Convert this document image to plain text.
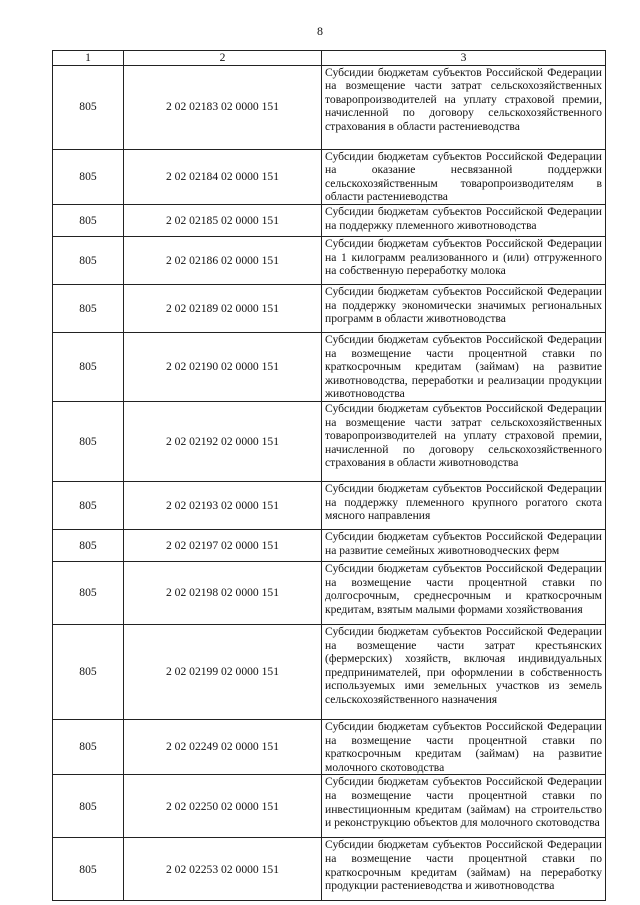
8
1	2	3
805	2 02 02183 02 0000 151	Субсидии бюджетам субъектов Российской Федерации на возмещение части затрат сельскохозяйственных товаропроизводителей на уплату страховой премии, начисленной по договору сельскохозяйственного страхования в области растениеводства
805	2 02 02184 02 0000 151	Субсидии бюджетам субъектов Российской Федерации на оказание несвязанной поддержки сельскохозяйственным товаропроизводителям в области растениеводства
805	2 02 02185 02 0000 151	Субсидии бюджетам субъектов Российской Федерации на поддержку племенного животноводства
805	2 02 02186 02 0000 151	Субсидии бюджетам субъектов Российской Федерации на 1 килограмм реализованного и (или) отгруженного на собственную переработку молока
805	2 02 02189 02 0000 151	Субсидии бюджетам субъектов Российской Федерации на поддержку экономически значимых региональных программ в области животноводства
805	2 02 02190 02 0000 151	Субсидии бюджетам субъектов Российской Федерации на возмещение части процентной ставки по краткосрочным кредитам (займам) на развитие животноводства, переработки и реализации продукции животноводства
805	2 02 02192 02 0000 151	Субсидии бюджетам субъектов Российской Федерации на возмещение части затрат сельскохозяйственных товаропроизводителей на уплату страховой премии, начисленной по договору сельскохозяйственного страхования в области животноводства
805	2 02 02193 02 0000 151	Субсидии бюджетам субъектов Российской Федерации на поддержку племенного крупного рогатого скота мясного направления
805	2 02 02197 02 0000 151	Субсидии бюджетам субъектов Российской Федерации на развитие семейных животноводческих ферм
805	2 02 02198 02 0000 151	Субсидии бюджетам субъектов Российской Федерации на возмещение части процентной ставки по долгосрочным, среднесрочным и краткосрочным кредитам, взятым малыми формами хозяйствования
805	2 02 02199 02 0000 151	Субсидии бюджетам субъектов Российской Федерации на возмещение части затрат крестьянских (фермерских) хозяйств, включая индивидуальных предпринимателей, при оформлении в собственность используемых ими земельных участков из земель сельскохозяйственного назначения
805	2 02 02249 02 0000 151	Субсидии бюджетам субъектов Российской Федерации на возмещение части процентной ставки по краткосрочным кредитам (займам) на развитие молочного скотоводства
805	2 02 02250 02 0000 151	Субсидии бюджетам субъектов Российской Федерации на возмещение части процентной ставки по инвестиционным кредитам (займам) на строительство и реконструкцию объектов для молочного скотоводства
805	2 02 02253 02 0000 151	Субсидии бюджетам субъектов Российской Федерации на возмещение части процентной ставки по краткосрочным кредитам (займам) на переработку продукции растениеводства и животноводства
